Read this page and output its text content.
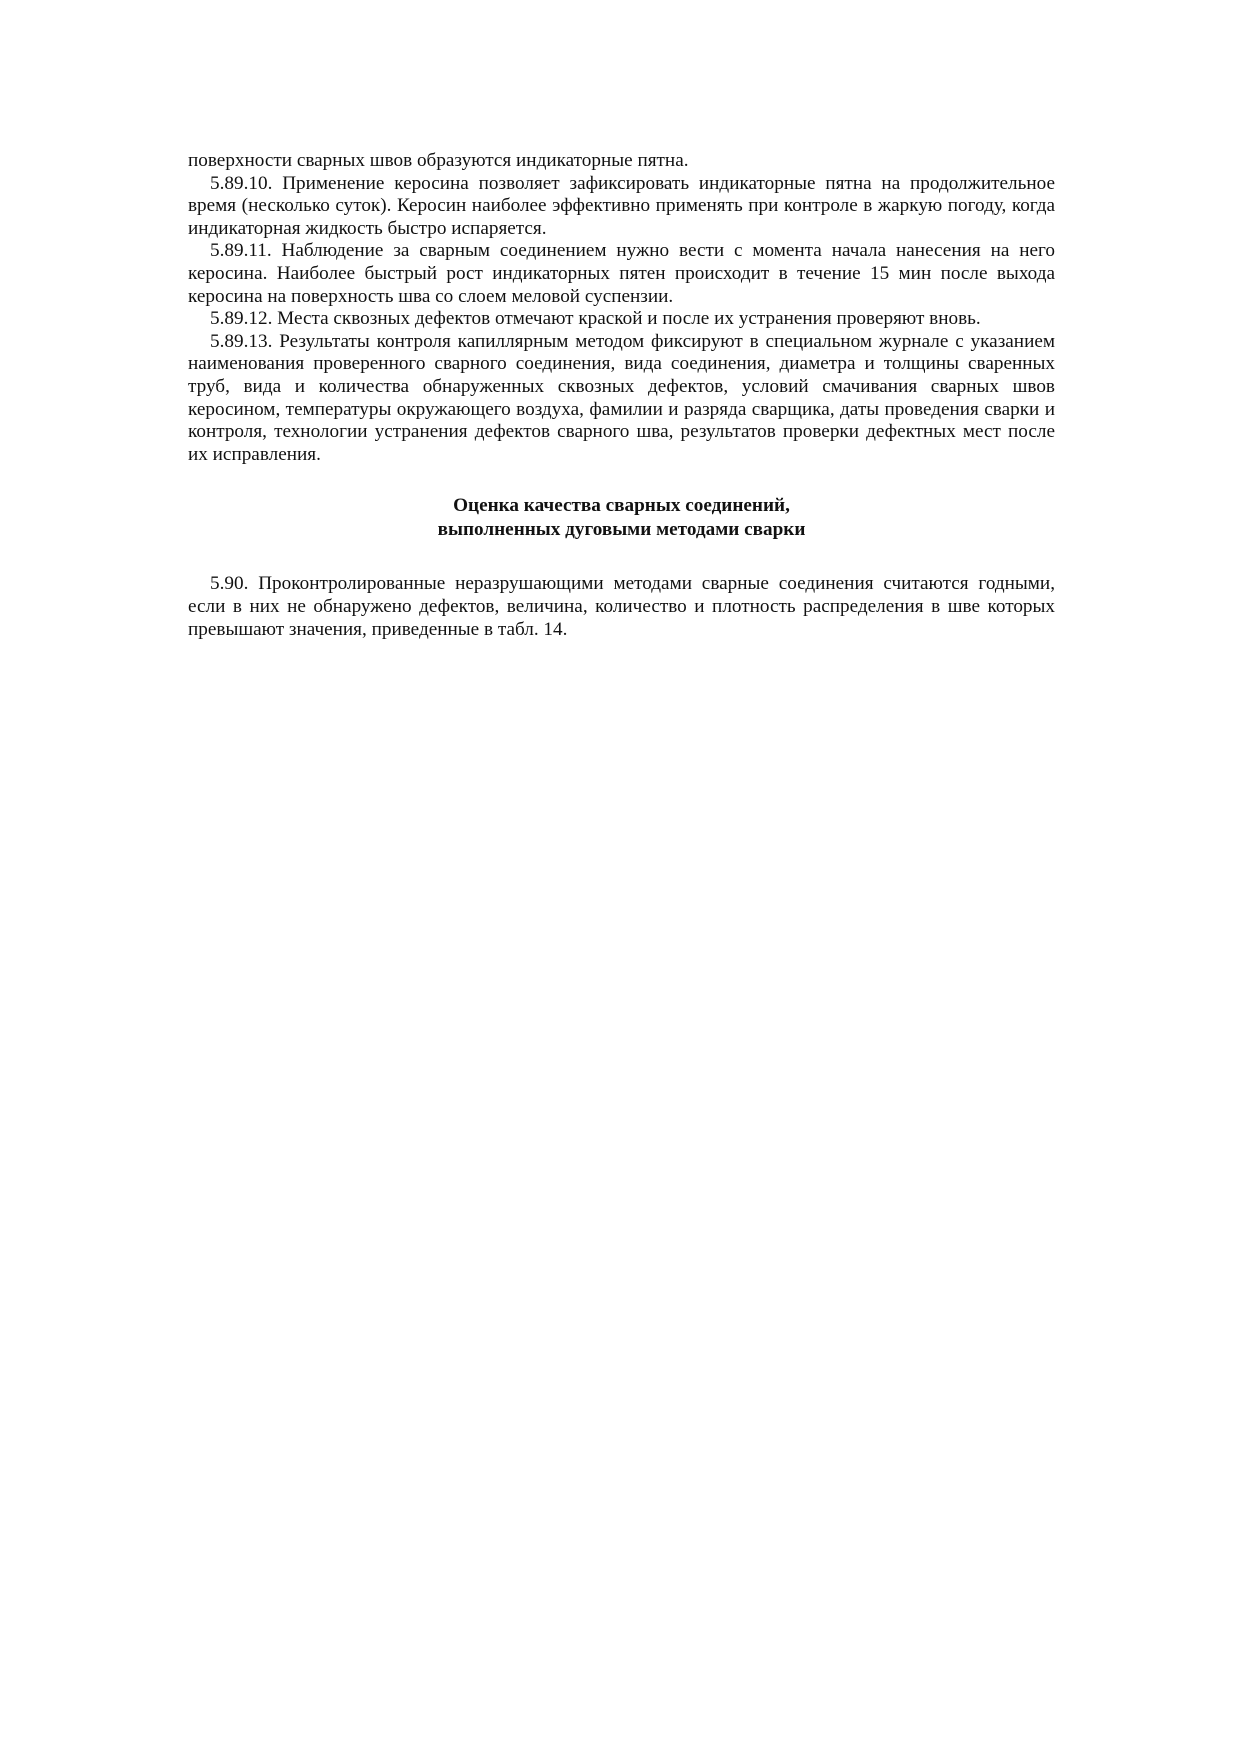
поверхности сварных швов образуются индикаторные пятна.

5.89.10. Применение керосина позволяет зафиксировать индикаторные пятна на продолжительное время (несколько суток). Керосин наиболее эффективно применять при контроле в жаркую погоду, когда индикаторная жидкость быстро испаряется.

5.89.11. Наблюдение за сварным соединением нужно вести с момента начала нанесения на него керосина. Наиболее быстрый рост индикаторных пятен происходит в течение 15 мин после выхода керосина на поверхность шва со слоем меловой суспензии.

5.89.12. Места сквозных дефектов отмечают краской и после их устранения проверяют вновь.

5.89.13. Результаты контроля капиллярным методом фиксируют в специальном журнале с указанием наименования проверенного сварного соединения, вида соединения, диаметра и толщины сваренных труб, вида и количества обнаруженных сквозных дефектов, условий смачивания сварных швов керосином, температуры окружающего воздуха, фамилии и разряда сварщика, даты проведения сварки и контроля, технологии устранения дефектов сварного шва, результатов проверки дефектных мест после их исправления.

Оценка качества сварных соединений,
выполненных дуговыми методами сварки

5.90. Проконтролированные неразрушающими методами сварные соединения считаются годными, если в них не обнаружено дефектов, величина, количество и плотность распределения в шве которых превышают значения, приведенные в табл. 14.
